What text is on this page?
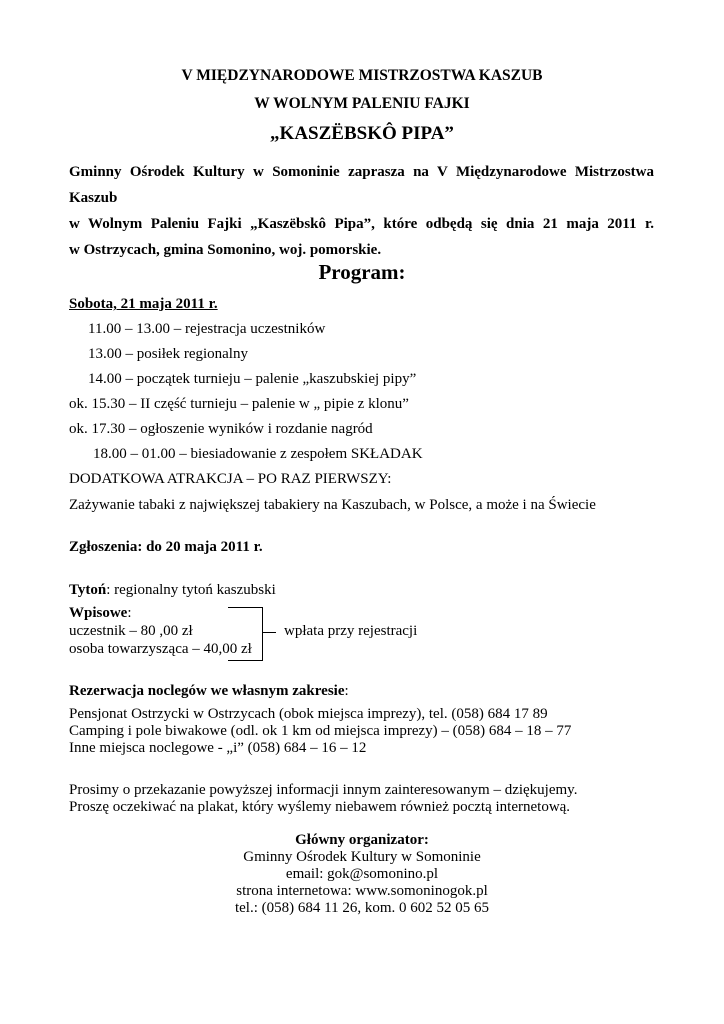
V MIĘDZYNARODOWE MISTRZOSTWA KASZUB
W WOLNYM PALENIU FAJKI
„KASZËBSKÔ PIPA”
Gminny Ośrodek Kultury w Somoninie zaprasza na V Międzynarodowe Mistrzostwa Kaszub
w Wolnym Paleniu Fajki „Kaszëbskô Pipa”, które odbędą się dnia 21 maja 2011 r.
w Ostrzycach, gmina Somonino, woj. pomorskie.
Program:
Sobota, 21 maja 2011 r.
11.00 – 13.00 – rejestracja uczestników
13.00 – posiłek regionalny
14.00 – początek turnieju – palenie „kaszubskiej pipy”
ok. 15.30 – II część turnieju – palenie w „ pipie z klonu”
ok. 17.30 – ogłoszenie wyników i rozdanie nagród
18.00 – 01.00 – biesiadowanie z zespołem SKŁADAK
DODATKOWA ATRAKCJA – PO RAZ PIERWSZY:
Zażywanie tabaki z największej tabakiery na Kaszubach, w Polsce, a może i na Świecie
Zgłoszenia: do 20 maja 2011 r.
Tytoń: regionalny tytoń kaszubski
Wpisowe:
uczestnik – 80 ,00 zł
osoba towarzysząca – 40,00 zł
wpłata przy rejestracji
Rezerwacja noclegów we własnym zakresie:
Pensjonat Ostrzycki w Ostrzycach (obok miejsca imprezy), tel. (058) 684 17 89
Camping i pole biwakowe (odl. ok 1 km od miejsca imprezy) – (058) 684 – 18 – 77
Inne miejsca noclegowe - „i” (058) 684 – 16 – 12
Prosimy o przekazanie powyższej informacji innym zainteresowanym – dziękujemy.
Proszę oczekiwać na plakat, który wyślemy niebawem również pocztą internetową.
Główny organizator:
Gminny Ośrodek Kultury w Somoninie
email: gok@somonino.pl
strona internetowa: www.somoninogok.pl
tel.: (058) 684 11 26, kom. 0 602 52 05 65
